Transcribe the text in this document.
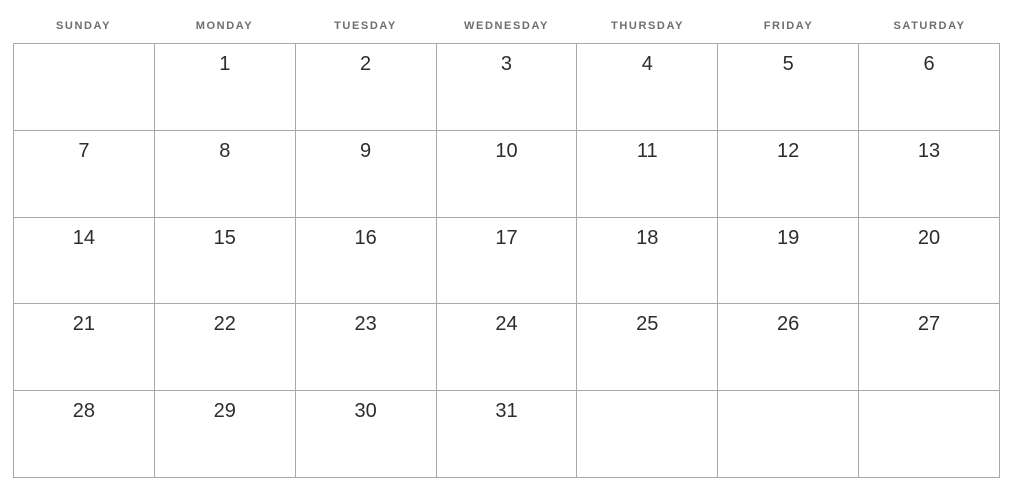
SUNDAY	MONDAY	TUESDAY	WEDNESDAY	THURSDAY	FRIDAY	SATURDAY
	1	2	3	4	5	6
7	8	9	10	11	12	13
14	15	16	17	18	19	20
21	22	23	24	25	26	27
28	29	30	31			
